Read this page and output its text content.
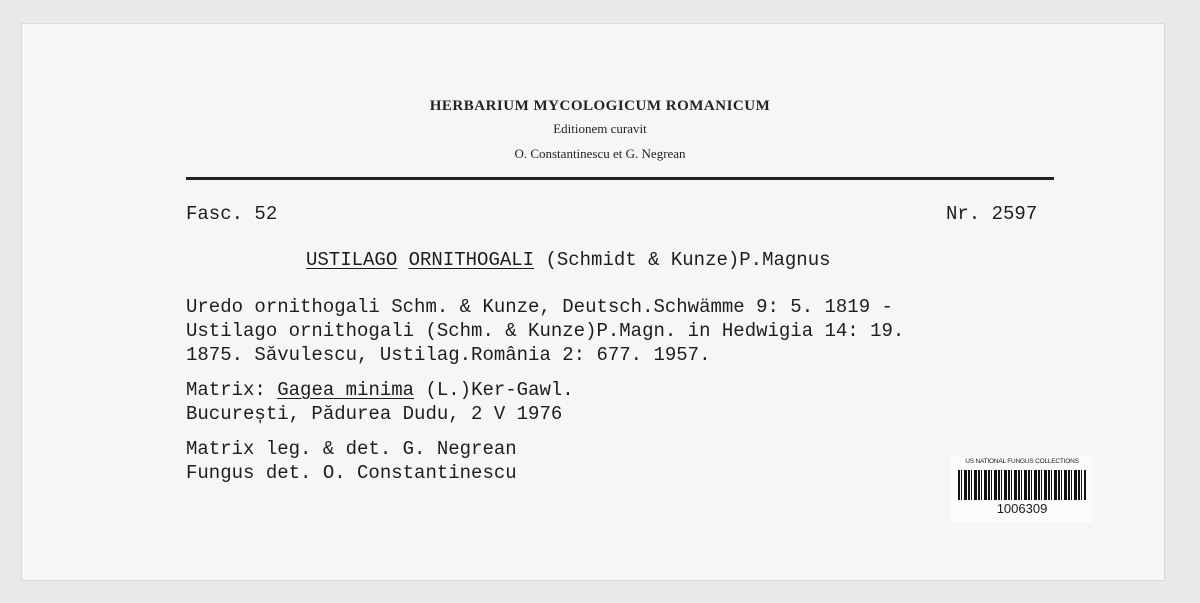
HERBARIUM MYCOLOGICUM ROMANICUM
Editionem curavit
O. Constantinescu et G. Negrean
Fasc. 52	Nr. 2597
USTILAGO ORNITHOGALI (Schmidt & Kunze)P.Magnus
Uredo ornithogali Schm. & Kunze, Deutsch.Schwämme 9: 5. 1819 -
Ustilago ornithogali (Schm. & Kunze)P.Magn. in Hedwigia 14: 19.
1875. Săvulescu, Ustilag.România 2: 677. 1957.
Matrix: Gagea minima (L.)Ker-Gawl.
București, Pădurea Dudu, 2 V 1976
Matrix leg. & det. G. Negrean
Fungus det. O. Constantinescu
US NATIONAL FUNGUS COLLECTIONS
1006309
